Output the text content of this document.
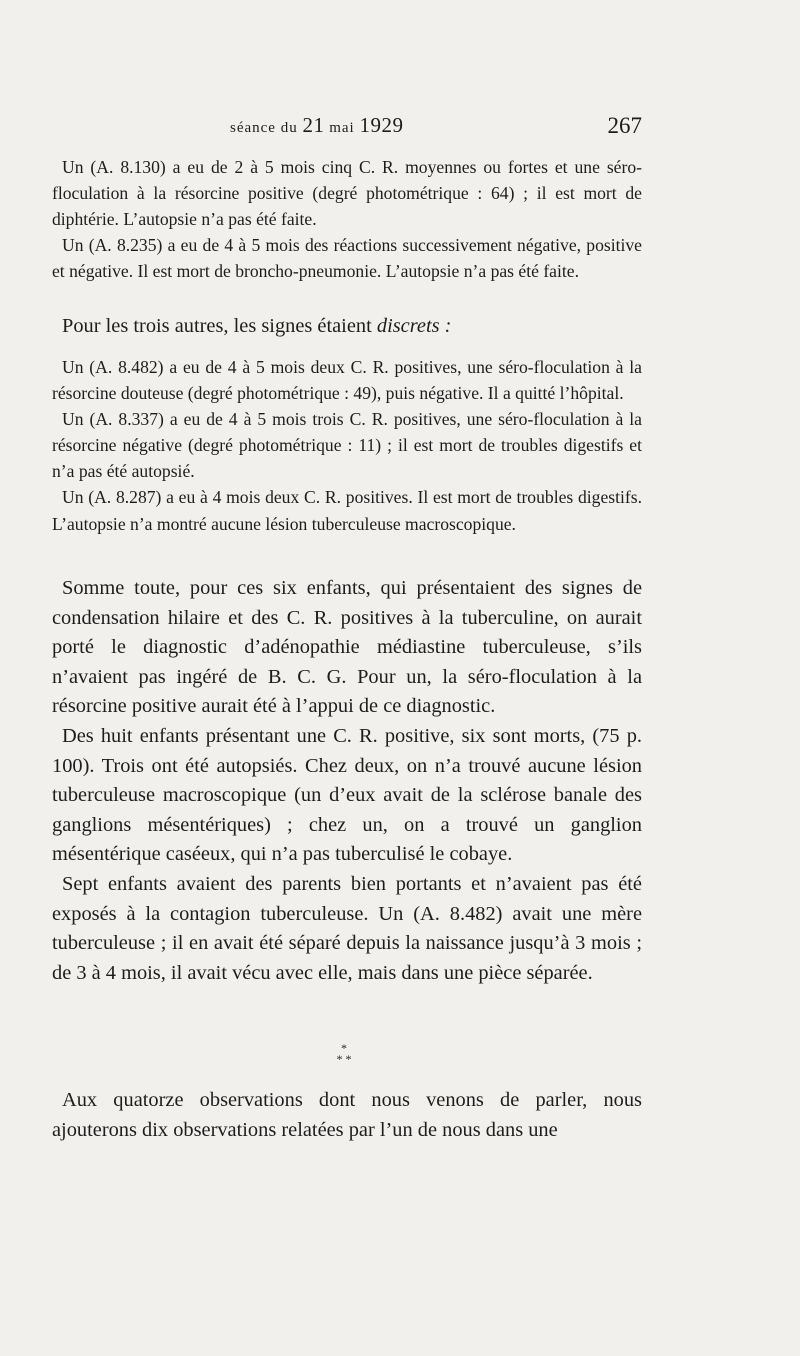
séance du 21 mai 1929	267

Un (A. 8.130) a eu de 2 à 5 mois cinq C. R. moyennes ou fortes et une séro-floculation à la résorcine positive (degré photométrique : 64) ; il est mort de diphtérie. L’autopsie n’a pas été faite.

Un (A. 8.235) a eu de 4 à 5 mois des réactions successivement négative, positive et négative. Il est mort de broncho-pneumonie. L’autopsie n’a pas été faite.

Pour les trois autres, les signes étaient discrets :

Un (A. 8.482) a eu de 4 à 5 mois deux C. R. positives, une séro-floculation à la résorcine douteuse (degré photométrique : 49), puis négative. Il a quitté l’hôpital.

Un (A. 8.337) a eu de 4 à 5 mois trois C. R. positives, une séro-floculation à la résorcine négative (degré photométrique : 11) ; il est mort de troubles digestifs et n’a pas été autopsié.

Un (A. 8.287) a eu à 4 mois deux C. R. positives. Il est mort de troubles digestifs. L’autopsie n’a montré aucune lésion tuberculeuse macroscopique.

Somme toute, pour ces six enfants, qui présentaient des signes de condensation hilaire et des C. R. positives à la tuberculine, on aurait porté le diagnostic d’adénopathie médiastine tuberculeuse, s’ils n’avaient pas ingéré de B. C. G. Pour un, la séro-floculation à la résorcine positive aurait été à l’appui de ce diagnostic.

Des huit enfants présentant une C. R. positive, six sont morts, (75 p. 100). Trois ont été autopsiés. Chez deux, on n’a trouvé aucune lésion tuberculeuse macroscopique (un d’eux avait de la sclérose banale des ganglions mésentériques) ; chez un, on a trouvé un ganglion mésentérique caséeux, qui n’a pas tuberculisé le cobaye.

Sept enfants avaient des parents bien portants et n’avaient pas été exposés à la contagion tuberculeuse. Un (A. 8.482) avait une mère tuberculeuse ; il en avait été séparé depuis la naissance jusqu’à 3 mois ; de 3 à 4 mois, il avait vécu avec elle, mais dans une pièce séparée.

*
* *

Aux quatorze observations dont nous venons de parler, nous ajouterons dix observations relatées par l’un de nous dans une
